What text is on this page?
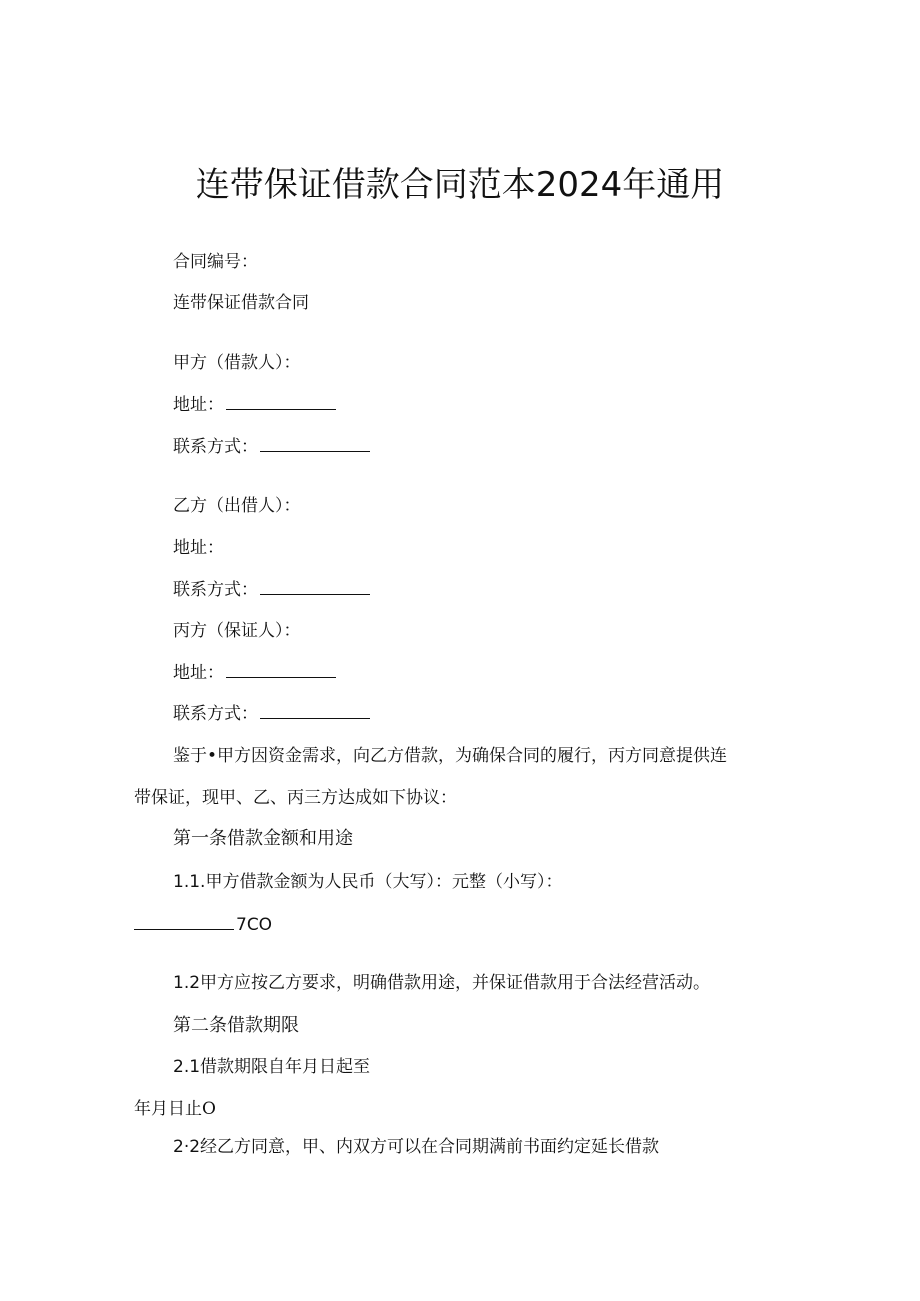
连带保证借款合同范本2024年通用

合同编号：

连带保证借款合同

甲方（借款人）：

地址：

联系方式：

乙方（出借人）：

地址：

联系方式：

丙方（保证人）：

地址：

联系方式：

鉴于•甲方因资金需求，向乙方借款，为确保合同的履行，丙方同意提供连

带保证，现甲、乙、丙三方达成如下协议：

第一条借款金额和用途

1.1.甲方借款金额为人民币（大写）：元整（小写）：

7CO

1.2甲方应按乙方要求，明确借款用途，并保证借款用于合法经营活动。

第二条借款期限

2.1借款期限自年月日起至

年月日止O

2·2经乙方同意，甲、内双方可以在合同期满前书面约定延长借款
